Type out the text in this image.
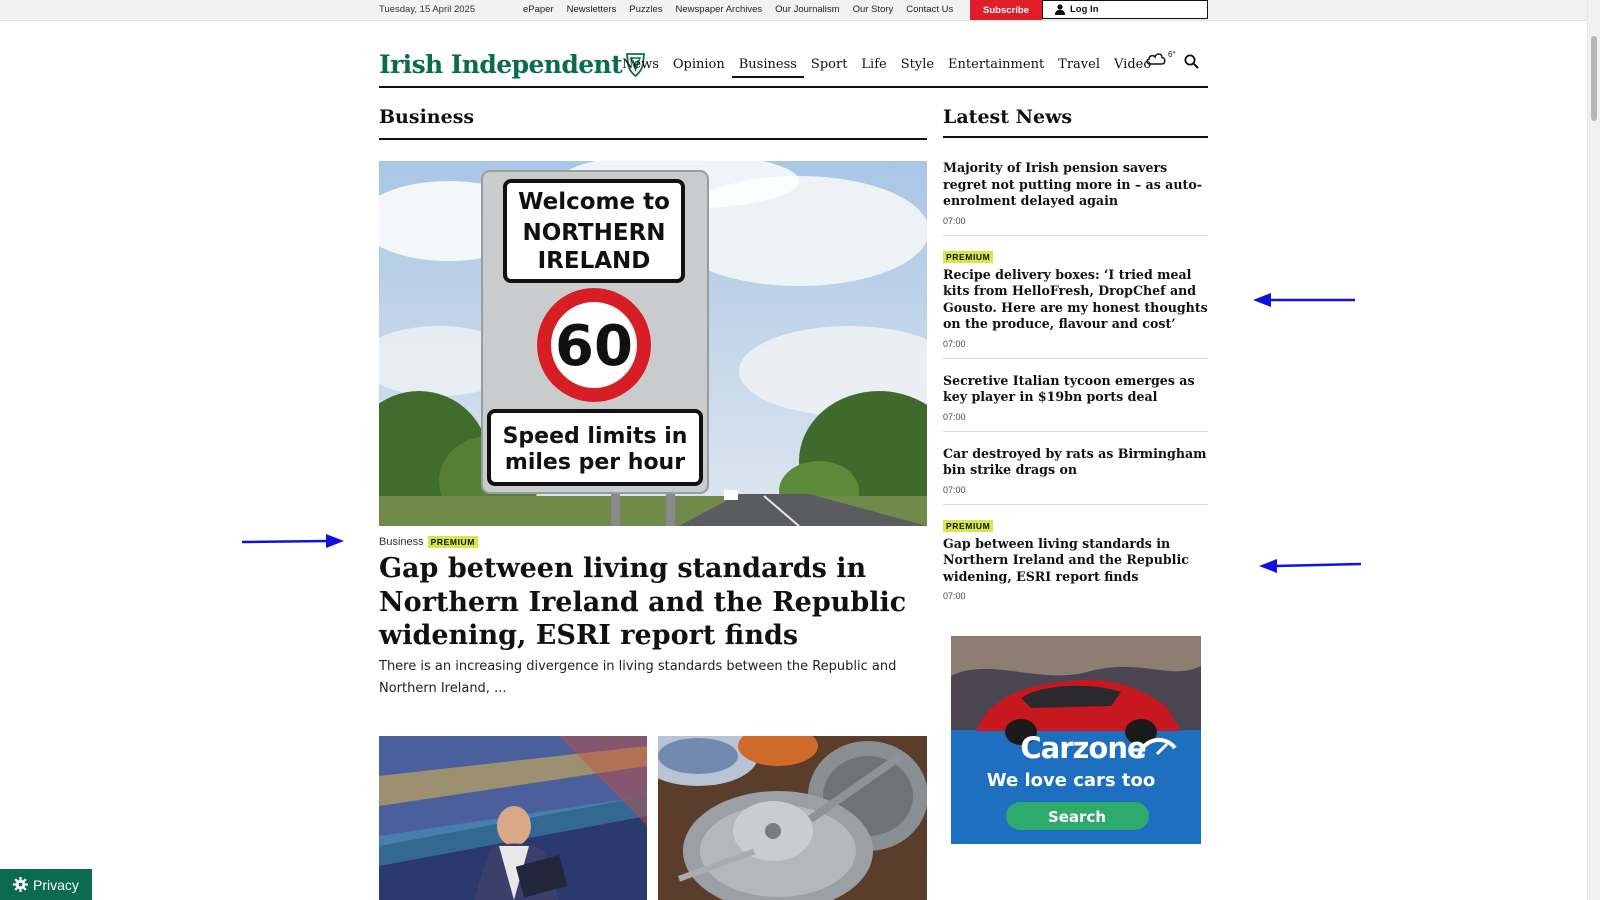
Tuesday, 15 April 2025	ePaper Newsletters Puzzles Newspaper Archives Our Journalism Our Story Contact Us	Subscribe	Log In
Irish Independent News	Opinion	Business	Sport	Life	Style	Entertainment	Travel	Video
6°
Business	Latest News
Welcome to
NORTHERN
IRELAND
60
Speed limits in
miles per hour
Business PREMIUM
Gap between living standards in Northern Ireland and the Republic widening, ESRI report finds

There is an increasing divergence in living standards between the Republic and Northern Ireland, ...

Majority of Irish pension savers regret not putting more in – as auto-enrolment delayed again
07:00
PREMIUM
Recipe delivery boxes: ‘I tried meal kits from HelloFresh, DropChef and Gousto. Here are my honest thoughts on the produce, flavour and cost’
07:00
Secretive Italian tycoon emerges as key player in $19bn ports deal
07:00
Car destroyed by rats as Birmingham bin strike drags on
07:00
PREMIUM
Gap between living standards in Northern Ireland and the Republic widening, ESRI report finds
07:00
Carzone
We love cars too
Search
Privacy
